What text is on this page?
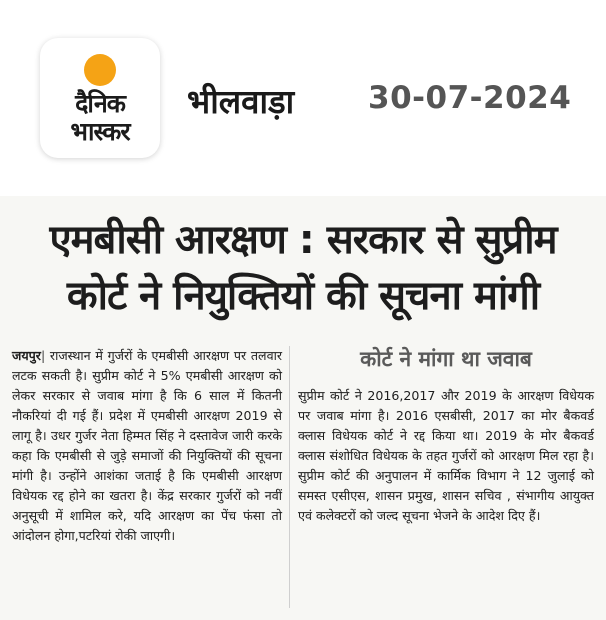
दैनिक
भास्कर
भीलवाड़ा 30-07-2024
एमबीसी आरक्षण : सरकार से सुप्रीम
कोर्ट ने नियुक्तियों की सूचना मांगी

जयपुर| राजस्थान में गुर्जरों के एमबीसी आरक्षण पर तलवार लटक सकती है। सुप्रीम कोर्ट ने 5% एमबीसी आरक्षण को लेकर सरकार से जवाब मांगा है कि 6 साल में कितनी नौकरियां दी गई हैं। प्रदेश में एमबीसी आरक्षण 2019 से लागू है। उधर गुर्जर नेता हिम्मत सिंह ने दस्तावेज जारी करके कहा कि एमबीसी से जुड़े समाजों की नियुक्तियों की सूचना मांगी है। उन्होंने आशंका जताई है कि एमबीसी आरक्षण विधेयक रद्द होने का खतरा है। केंद्र सरकार गुर्जरों को नवीं अनुसूची में शामिल करे, यदि आरक्षण का पेंच फंसा तो आंदोलन होगा,पटरियां रोकी जाएगी।

कोर्ट ने मांगा था जवाब

सुप्रीम कोर्ट ने 2016,2017 और 2019 के आरक्षण विधेयक पर जवाब मांगा है। 2016 एसबीसी, 2017 का मोर बैकवर्ड क्लास विधेयक कोर्ट ने रद्द किया था। 2019 के मोर बैकवर्ड क्लास संशोधित विधेयक के तहत गुर्जरों को आरक्षण मिल रहा है। सुप्रीम कोर्ट की अनुपालन में कार्मिक विभाग ने 12 जुलाई को समस्त एसीएस, शासन प्रमुख, शासन सचिव , संभागीय आयुक्त एवं कलेक्टरों को जल्द सूचना भेजने के आदेश दिए हैं।
